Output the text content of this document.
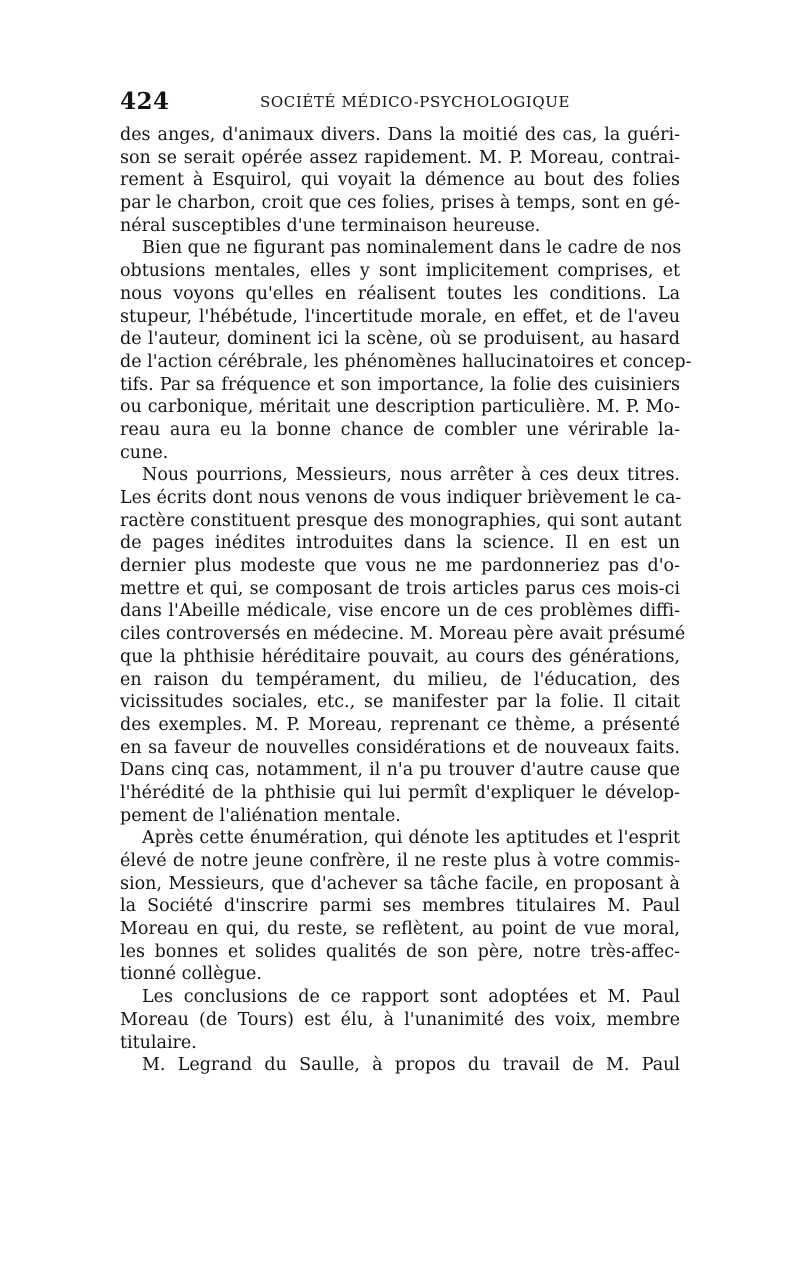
424	SOCIÉTÉ MÉDICO-PSYCHOLOGIQUE
des anges, d'animaux divers. Dans la moitié des cas, la guéri-
son se serait opérée assez rapidement. M. P. Moreau, contrai-
rement à Esquirol, qui voyait la démence au bout des folies
par le charbon, croit que ces folies, prises à temps, sont en gé-
néral susceptibles d'une terminaison heureuse.
Bien que ne figurant pas nominalement dans le cadre de nos
obtusions mentales, elles y sont implicitement comprises, et
nous voyons qu'elles en réalisent toutes les conditions. La
stupeur, l'hébétude, l'incertitude morale, en effet, et de l'aveu
de l'auteur, dominent ici la scène, où se produisent, au hasard
de l'action cérébrale, les phénomènes hallucinatoires et concep-
tifs. Par sa fréquence et son importance, la folie des cuisiniers
ou carbonique, méritait une description particulière. M. P. Mo-
reau aura eu la bonne chance de combler une vérirable la-
cune.
Nous pourrions, Messieurs, nous arrêter à ces deux titres.
Les écrits dont nous venons de vous indiquer brièvement le ca-
ractère constituent presque des monographies, qui sont autant
de pages inédites introduites dans la science. Il en est un
dernier plus modeste que vous ne me pardonneriez pas d'o-
mettre et qui, se composant de trois articles parus ces mois-ci
dans l'Abeille médicale, vise encore un de ces problèmes diffi-
ciles controversés en médecine. M. Moreau père avait présumé
que la phthisie héréditaire pouvait, au cours des générations,
en raison du tempérament, du milieu, de l'éducation, des
vicissitudes sociales, etc., se manifester par la folie. Il citait
des exemples. M. P. Moreau, reprenant ce thème, a présenté
en sa faveur de nouvelles considérations et de nouveaux faits.
Dans cinq cas, notamment, il n'a pu trouver d'autre cause que
l'hérédité de la phthisie qui lui permît d'expliquer le dévelop-
pement de l'aliénation mentale.
Après cette énumération, qui dénote les aptitudes et l'esprit
élevé de notre jeune confrère, il ne reste plus à votre commis-
sion, Messieurs, que d'achever sa tâche facile, en proposant à
la Société d'inscrire parmi ses membres titulaires M. Paul
Moreau en qui, du reste, se reflètent, au point de vue moral,
les bonnes et solides qualités de son père, notre très-affec-
tionné collègue.
Les conclusions de ce rapport sont adoptées et M. Paul
Moreau (de Tours) est élu, à l'unanimité des voix, membre
titulaire.
M. Legrand du Saulle, à propos du travail de M. Paul
